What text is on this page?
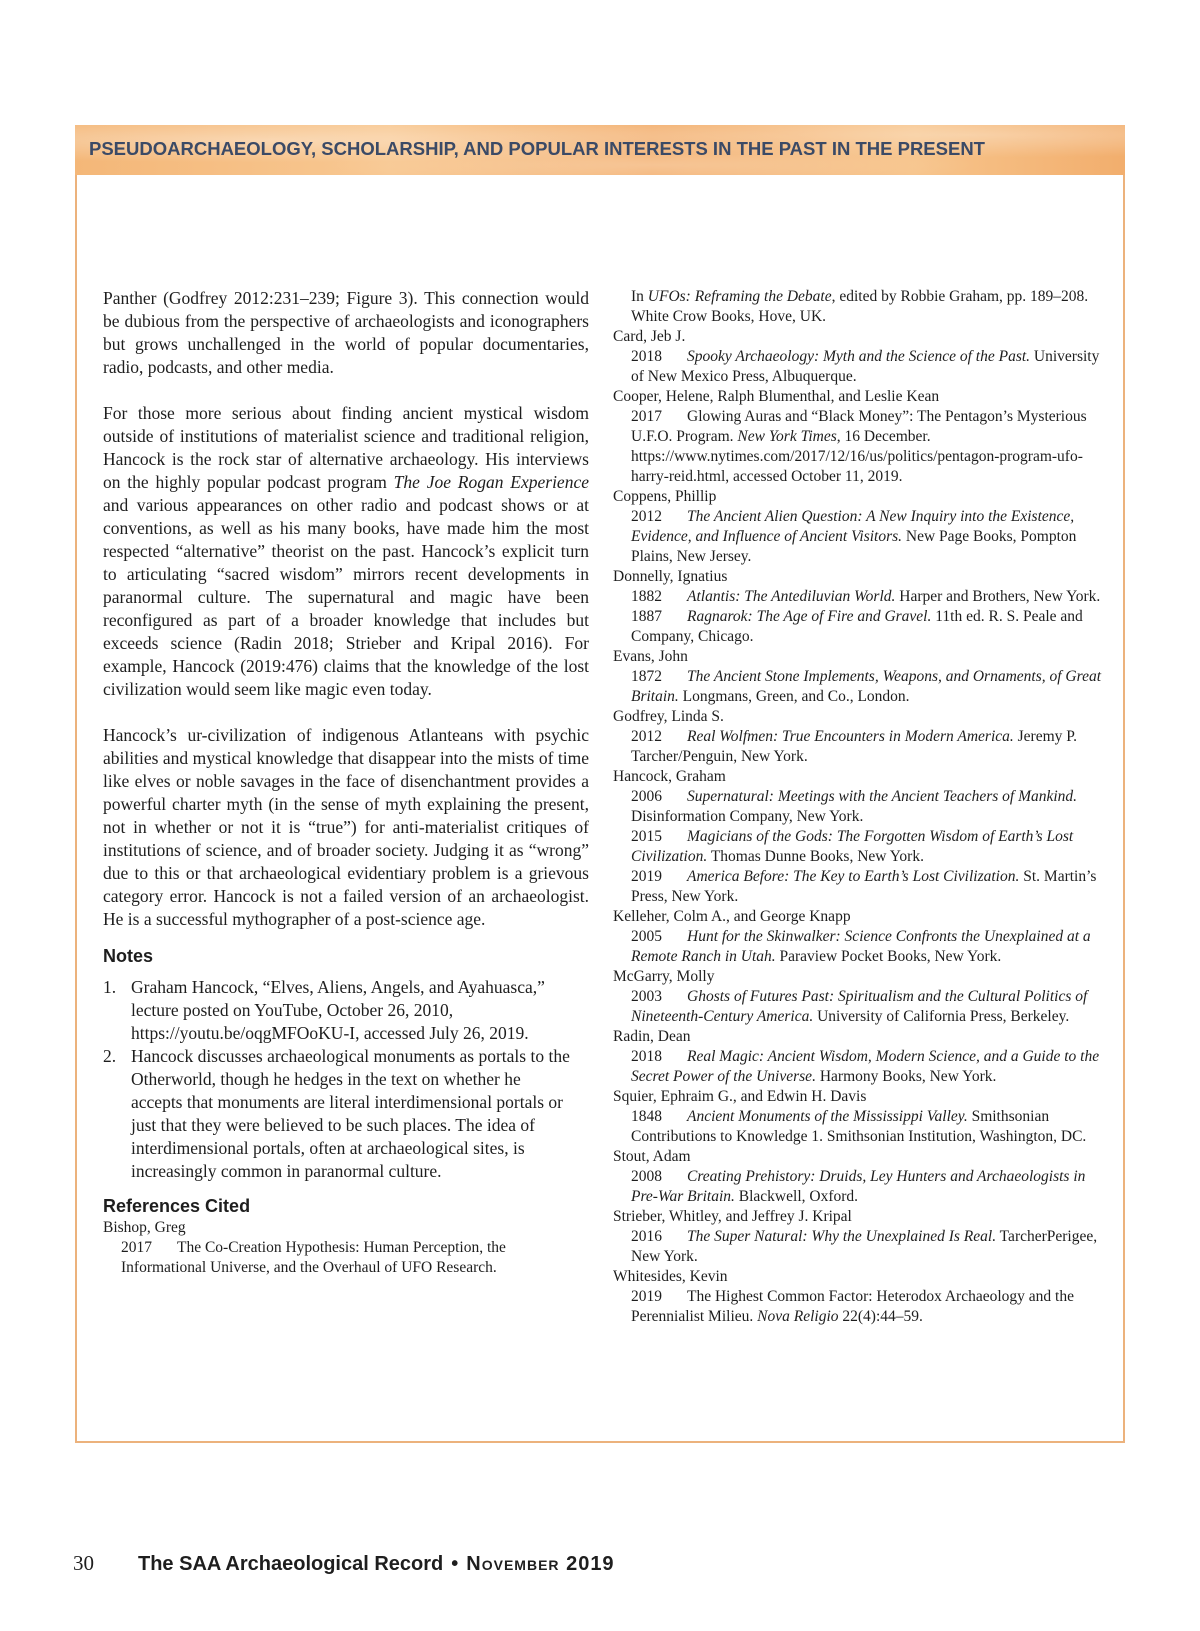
PSEUDOARCHAEOLOGY, SCHOLARSHIP, AND POPULAR INTERESTS IN THE PAST IN THE PRESENT

Panther (Godfrey 2012:231–239; Figure 3). This connection would be dubious from the perspective of archaeologists and iconographers but grows unchallenged in the world of popular documentaries, radio, podcasts, and other media.

For those more serious about finding ancient mystical wisdom outside of institutions of materialist science and traditional religion, Hancock is the rock star of alternative archaeology. His interviews on the highly popular podcast program The Joe Rogan Experience and various appearances on other radio and podcast shows or at conventions, as well as his many books, have made him the most respected “alternative” theorist on the past. Hancock’s explicit turn to articulating “sacred wisdom” mirrors recent developments in paranormal culture. The supernatural and magic have been reconfigured as part of a broader knowledge that includes but exceeds science (Radin 2018; Strieber and Kripal 2016). For example, Hancock (2019:476) claims that the knowledge of the lost civilization would seem like magic even today.

Hancock’s ur-civilization of indigenous Atlanteans with psychic abilities and mystical knowledge that disappear into the mists of time like elves or noble savages in the face of disenchantment provides a powerful charter myth (in the sense of myth explaining the present, not in whether or not it is “true”) for anti-materialist critiques of institutions of science, and of broader society. Judging it as “wrong” due to this or that archaeological evidentiary problem is a grievous category error. Hancock is not a failed version of an archaeologist. He is a successful mythographer of a post-science age.

Notes
1. Graham Hancock, “Elves, Aliens, Angels, and Ayahuasca,” lecture posted on YouTube, October 26, 2010, https://youtu.be/oqgMFOoKU-I, accessed July 26, 2019.
2. Hancock discusses archaeological monuments as portals to the Otherworld, though he hedges in the text on whether he accepts that monuments are literal interdimensional portals or just that they were believed to be such places. The idea of interdimensional portals, often at archaeological sites, is increasingly common in paranormal culture.
References Cited
Bishop, Greg
2017 The Co-Creation Hypothesis: Human Perception, the Informational Universe, and the Overhaul of UFO Research.
In UFOs: Reframing the Debate, edited by Robbie Graham, pp. 189–208. White Crow Books, Hove, UK.
Card, Jeb J.
2018 Spooky Archaeology: Myth and the Science of the Past. University of New Mexico Press, Albuquerque.
Cooper, Helene, Ralph Blumenthal, and Leslie Kean
2017 Glowing Auras and “Black Money”: The Pentagon’s Mysterious U.F.O. Program. New York Times, 16 December. https://www.nytimes.com/2017/12/16/us/politics/pentagon-program-ufo-harry-reid.html, accessed October 11, 2019.
Coppens, Phillip
2012 The Ancient Alien Question: A New Inquiry into the Existence, Evidence, and Influence of Ancient Visitors. New Page Books, Pompton Plains, New Jersey.
Donnelly, Ignatius
1882 Atlantis: The Antediluvian World. Harper and Brothers, New York.
1887 Ragnarok: The Age of Fire and Gravel. 11th ed. R. S. Peale and Company, Chicago.
Evans, John
1872 The Ancient Stone Implements, Weapons, and Ornaments, of Great Britain. Longmans, Green, and Co., London.
Godfrey, Linda S.
2012 Real Wolfmen: True Encounters in Modern America. Jeremy P. Tarcher/Penguin, New York.
Hancock, Graham
2006 Supernatural: Meetings with the Ancient Teachers of Mankind. Disinformation Company, New York.
2015 Magicians of the Gods: The Forgotten Wisdom of Earth’s Lost Civilization. Thomas Dunne Books, New York.
2019 America Before: The Key to Earth’s Lost Civilization. St. Martin’s Press, New York.
Kelleher, Colm A., and George Knapp
2005 Hunt for the Skinwalker: Science Confronts the Unexplained at a Remote Ranch in Utah. Paraview Pocket Books, New York.
McGarry, Molly
2003 Ghosts of Futures Past: Spiritualism and the Cultural Politics of Nineteenth-Century America. University of California Press, Berkeley.
Radin, Dean
2018 Real Magic: Ancient Wisdom, Modern Science, and a Guide to the Secret Power of the Universe. Harmony Books, New York.
Squier, Ephraim G., and Edwin H. Davis
1848 Ancient Monuments of the Mississippi Valley. Smithsonian Contributions to Knowledge 1. Smithsonian Institution, Washington, DC.
Stout, Adam
2008 Creating Prehistory: Druids, Ley Hunters and Archaeologists in Pre-War Britain. Blackwell, Oxford.
Strieber, Whitley, and Jeffrey J. Kripal
2016 The Super Natural: Why the Unexplained Is Real. TarcherPerigee, New York.
Whitesides, Kevin
2019 The Highest Common Factor: Heterodox Archaeology and the Perennialist Milieu. Nova Religio 22(4):44–59.
30 The SAA Archaeological Record • November 2019
